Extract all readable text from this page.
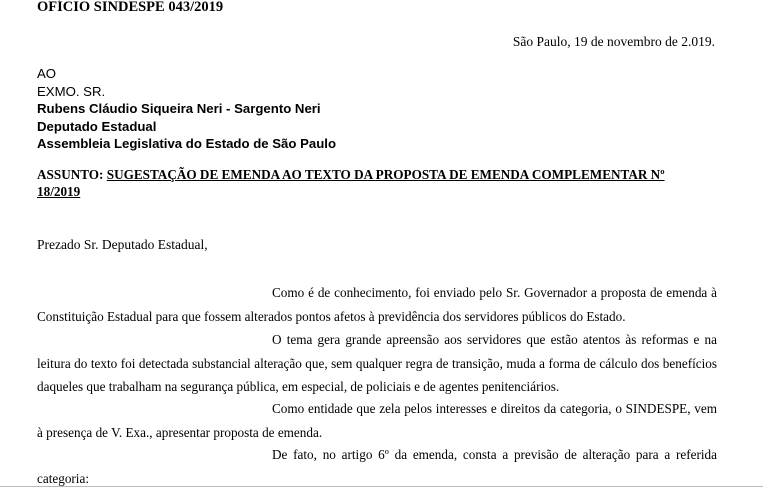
OFÍCIO SINDESPE 043/2019
São Paulo, 19 de novembro de 2.019.
AO
EXMO. SR.
Rubens Cláudio Siqueira Neri - Sargento Neri
Deputado Estadual
Assembleia Legislativa do Estado de São Paulo
ASSUNTO: SUGESTAÇÃO DE EMENDA AO TEXTO DA PROPOSTA DE EMENDA COMPLEMENTAR Nº 18/2019
Prezado Sr. Deputado Estadual,
Como é de conhecimento, foi enviado pelo Sr. Governador a proposta de emenda à Constituição Estadual para que fossem alterados pontos afetos à previdência dos servidores públicos do Estado.
O tema gera grande apreensão aos servidores que estão atentos às reformas e na leitura do texto foi detectada substancial alteração que, sem qualquer regra de transição, muda a forma de cálculo dos benefícios daqueles que trabalham na segurança pública, em especial, de policiais e de agentes penitenciários.
Como entidade que zela pelos interesses e direitos da categoria, o SINDESPE, vem à presença de V. Exa., apresentar proposta de emenda.
De fato, no artigo 6º da emenda, consta a previsão de alteração para a referida categoria:
